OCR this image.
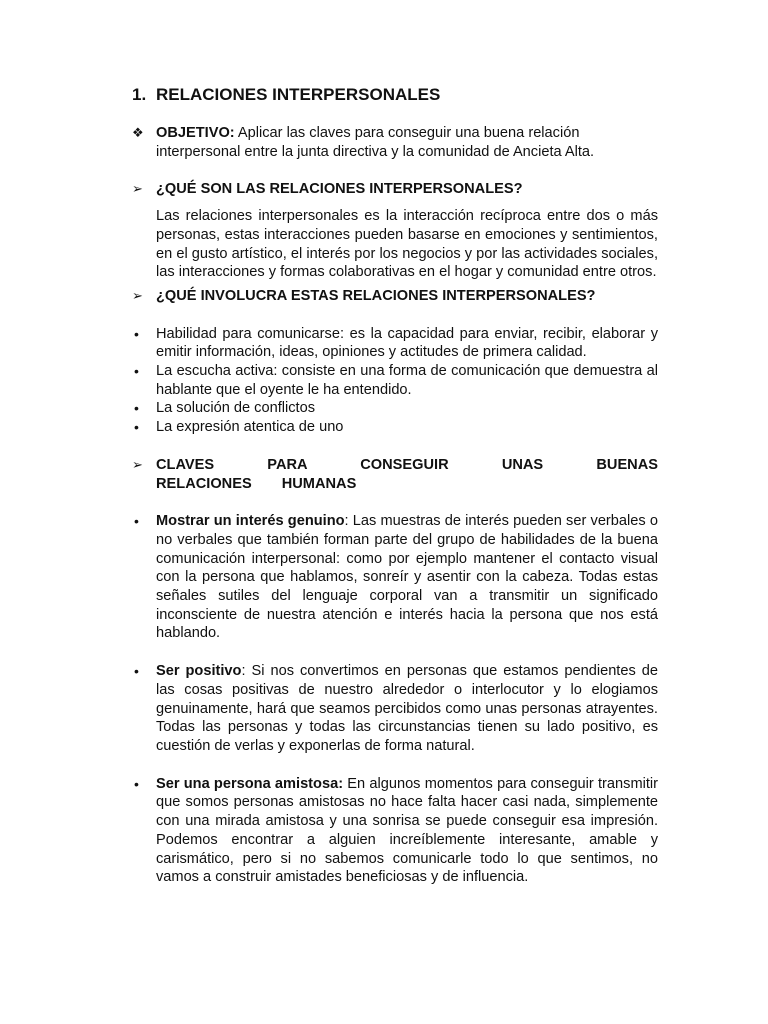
1. RELACIONES INTERPERSONALES
❖ OBJETIVO: Aplicar las claves para conseguir una buena relación interpersonal entre la junta directiva y la comunidad de Ancieta Alta.
➢ ¿QUÉ SON LAS RELACIONES INTERPERSONALES?
Las relaciones interpersonales es la interacción recíproca entre dos o más personas, estas interacciones pueden basarse en emociones y sentimientos, en el gusto artístico, el interés por los negocios y por las actividades sociales, las interacciones y formas colaborativas en el hogar y comunidad entre otros.
➢ ¿QUÉ INVOLUCRA ESTAS RELACIONES INTERPERSONALES?
•	Habilidad para comunicarse: es la capacidad para enviar, recibir, elaborar y emitir información, ideas, opiniones y actitudes de primera calidad.
•	La escucha activa: consiste en una forma de comunicación que demuestra al hablante que el oyente le ha entendido.
•	La solución de conflictos
•	La expresión atentica de uno
➢ CLAVES PARA CONSEGUIR UNAS BUENAS RELACIONES HUMANAS
•	Mostrar un interés genuino: Las muestras de interés pueden ser verbales o no verbales que también forman parte del grupo de habilidades de la buena comunicación interpersonal: como por ejemplo mantener el contacto visual con la persona que hablamos, sonreír y asentir con la cabeza. Todas estas señales sutiles del lenguaje corporal van a transmitir un significado inconsciente de nuestra atención e interés hacia la persona que nos está hablando.
•	Ser positivo: Si nos convertimos en personas que estamos pendientes de las cosas positivas de nuestro alrededor o interlocutor y lo elogiamos genuinamente, hará que seamos percibidos como unas personas atrayentes. Todas las personas y todas las circunstancias tienen su lado positivo, es cuestión de verlas y exponerlas de forma natural.
•	Ser una persona amistosa: En algunos momentos para conseguir transmitir que somos personas amistosas no hace falta hacer casi nada, simplemente con una mirada amistosa y una sonrisa se puede conseguir esa impresión. Podemos encontrar a alguien increíblemente interesante, amable y carismático, pero si no sabemos comunicarle todo lo que sentimos, no vamos a construir amistades beneficiosas y de influencia.
